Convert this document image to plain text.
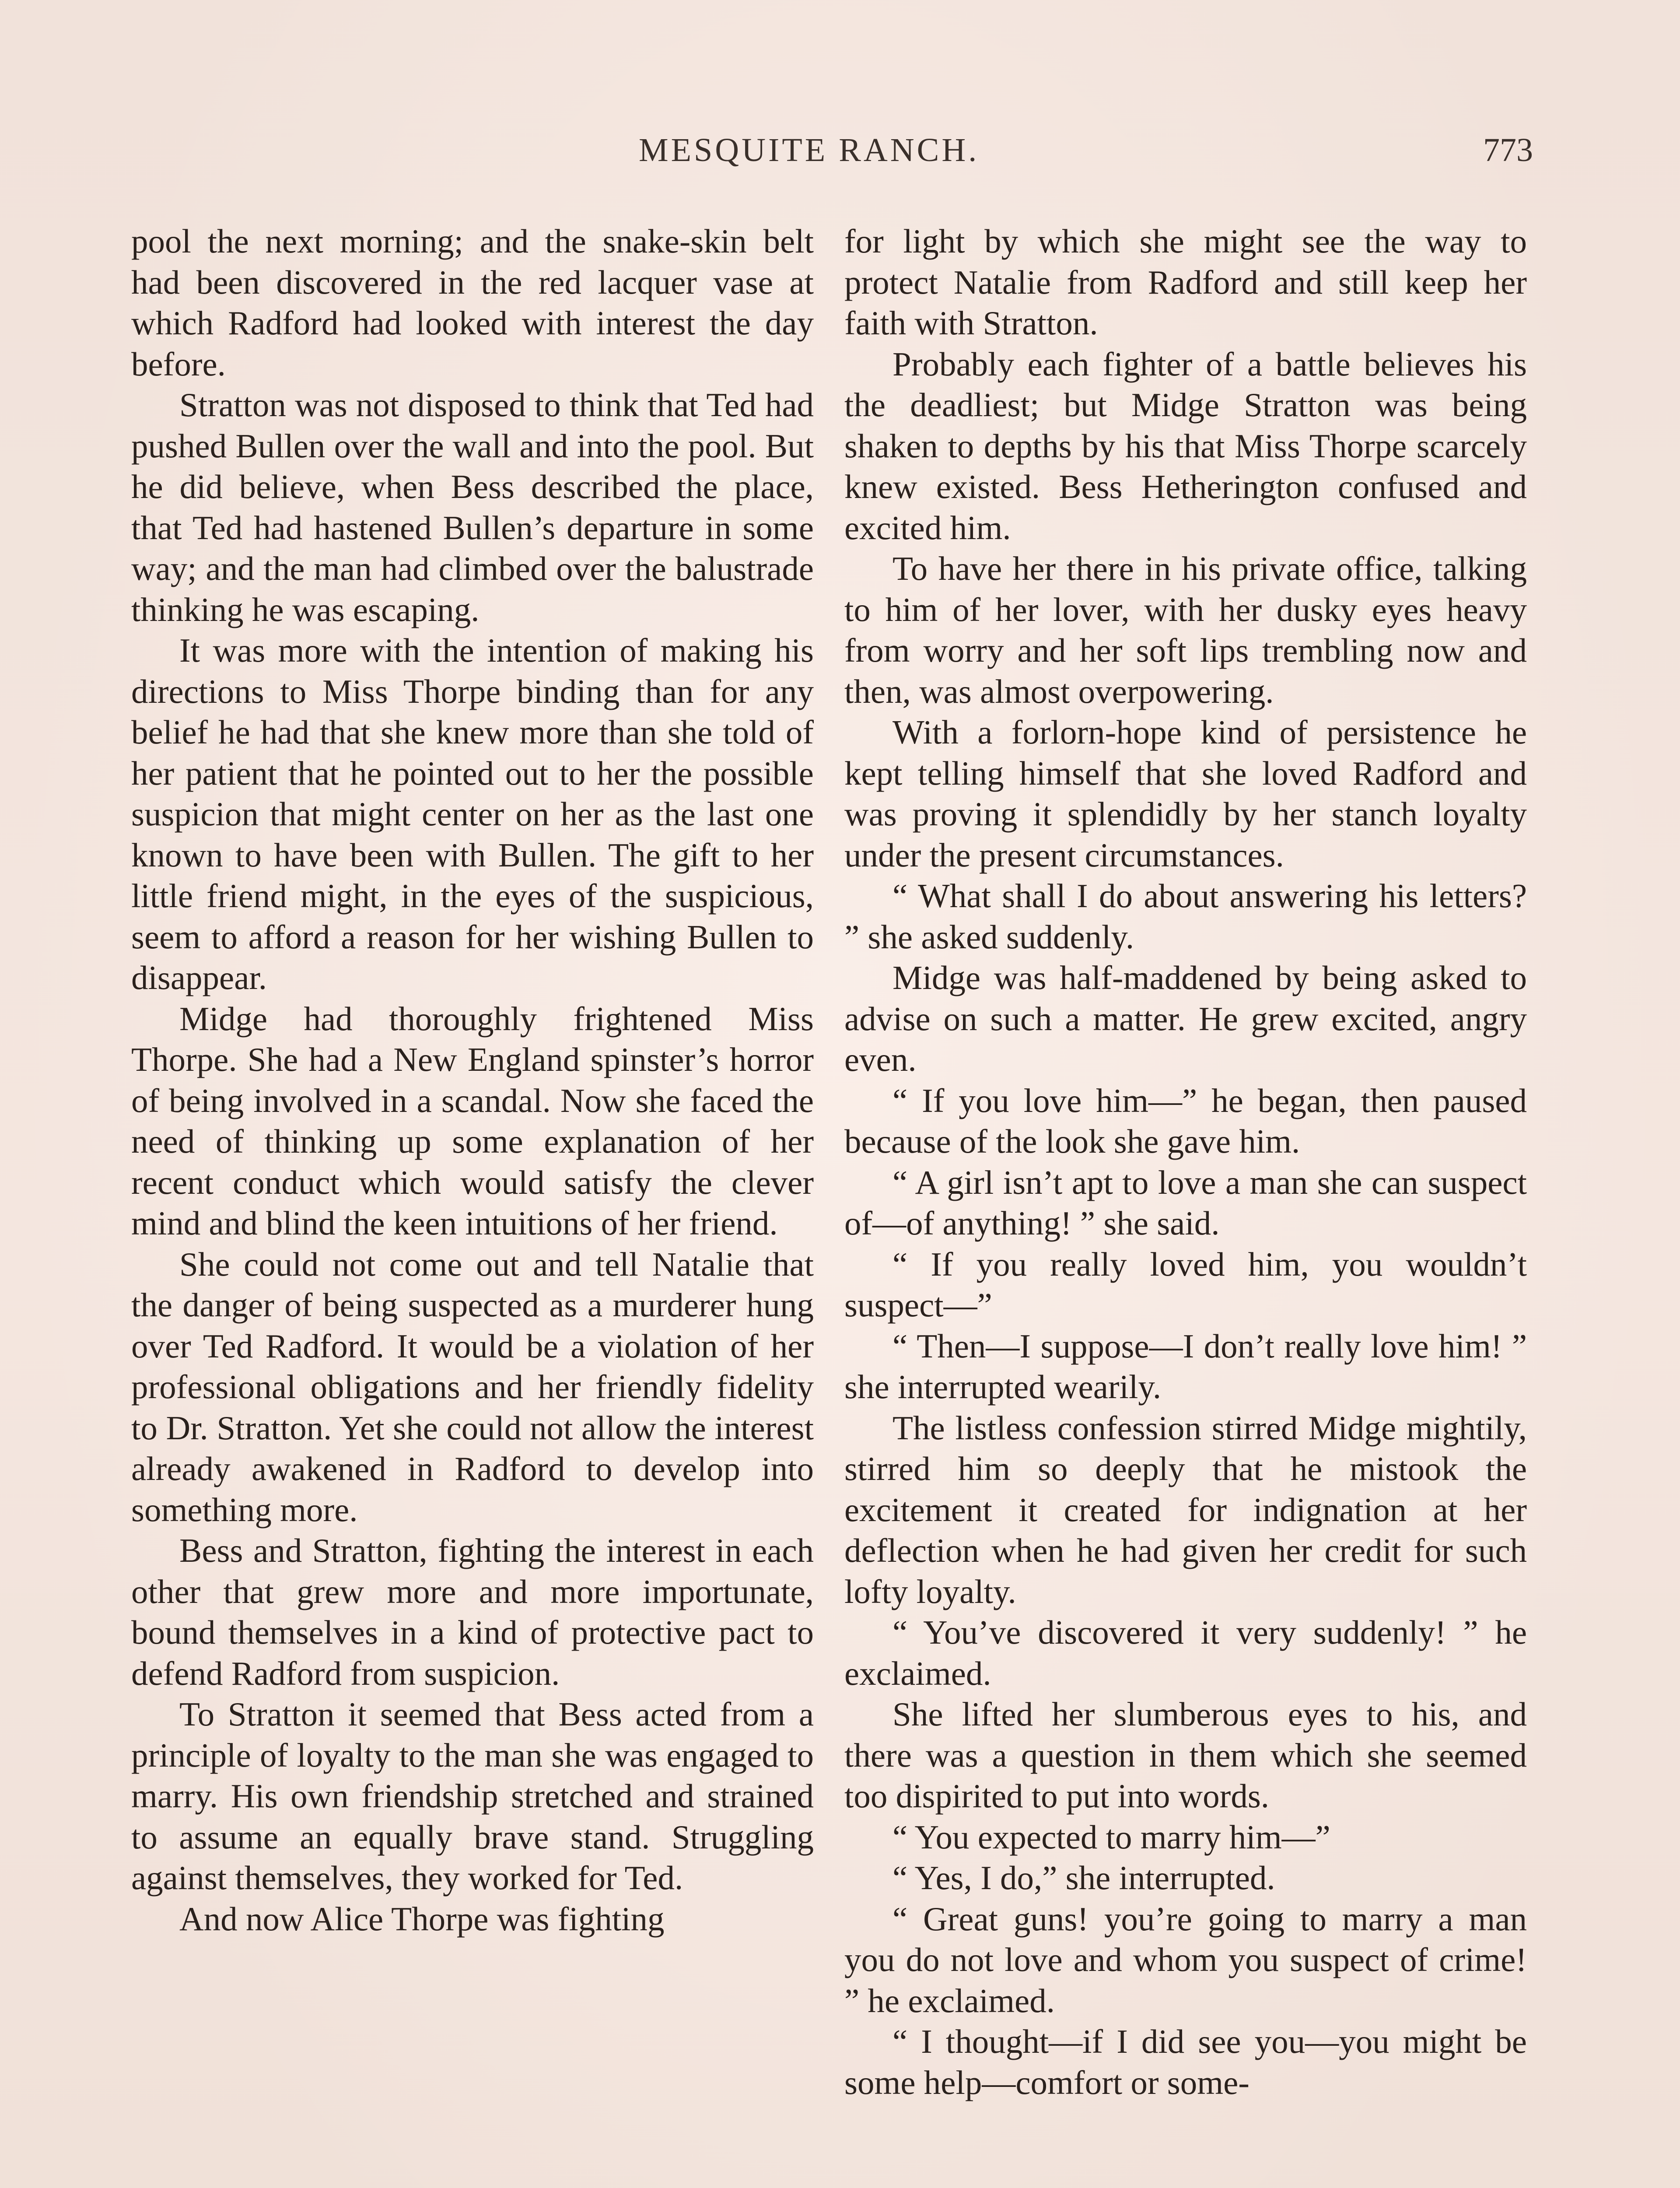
MESQUITE RANCH.	773

pool the next morning; and the snake-skin belt had been discovered in the red lacquer vase at which Radford had looked with interest the day before.

Stratton was not disposed to think that Ted had pushed Bullen over the wall and into the pool. But he did believe, when Bess described the place, that Ted had hastened Bullen’s departure in some way; and the man had climbed over the balustrade thinking he was escaping.

It was more with the intention of making his directions to Miss Thorpe binding than for any belief he had that she knew more than she told of her patient that he pointed out to her the possible suspicion that might center on her as the last one known to have been with Bullen. The gift to her little friend might, in the eyes of the suspicious, seem to afford a reason for her wishing Bullen to disappear.

Midge had thoroughly frightened Miss Thorpe. She had a New England spinster’s horror of being involved in a scandal. Now she faced the need of thinking up some explanation of her recent conduct which would satisfy the clever mind and blind the keen intuitions of her friend.

She could not come out and tell Natalie that the danger of being suspected as a murderer hung over Ted Radford. It would be a violation of her professional obligations and her friendly fidelity to Dr. Stratton. Yet she could not allow the interest already awakened in Radford to develop into something more.

Bess and Stratton, fighting the interest in each other that grew more and more importunate, bound themselves in a kind of protective pact to defend Radford from suspicion.

To Stratton it seemed that Bess acted from a principle of loyalty to the man she was engaged to marry. His own friendship stretched and strained to assume an equally brave stand. Struggling against themselves, they worked for Ted.

And now Alice Thorpe was fighting

for light by which she might see the way to protect Natalie from Radford and still keep her faith with Stratton.

Probably each fighter of a battle believes his the deadliest; but Midge Stratton was being shaken to depths by his that Miss Thorpe scarcely knew existed. Bess Hetherington confused and excited him.

To have her there in his private office, talking to him of her lover, with her dusky eyes heavy from worry and her soft lips trembling now and then, was almost overpowering.

With a forlorn-hope kind of persistence he kept telling himself that she loved Radford and was proving it splendidly by her stanch loyalty under the present circumstances.

“ What shall I do about answering his letters? ” she asked suddenly.

Midge was half-maddened by being asked to advise on such a matter. He grew excited, angry even.

“ If you love him—” he began, then paused because of the look she gave him.

“ A girl isn’t apt to love a man she can suspect of—of anything! ” she said.

“ If you really loved him, you wouldn’t suspect—”

“ Then—I suppose—I don’t really love him! ” she interrupted wearily.

The listless confession stirred Midge mightily, stirred him so deeply that he mistook the excitement it created for indignation at her deflection when he had given her credit for such lofty loyalty.

“ You’ve discovered it very suddenly! ” he exclaimed.

She lifted her slumberous eyes to his, and there was a question in them which she seemed too dispirited to put into words.

“ You expected to marry him—”

“ Yes, I do,” she interrupted.

“ Great guns! you’re going to marry a man you do not love and whom you suspect of crime! ” he exclaimed.

“ I thought—if I did see you—you might be some help—comfort or some-
